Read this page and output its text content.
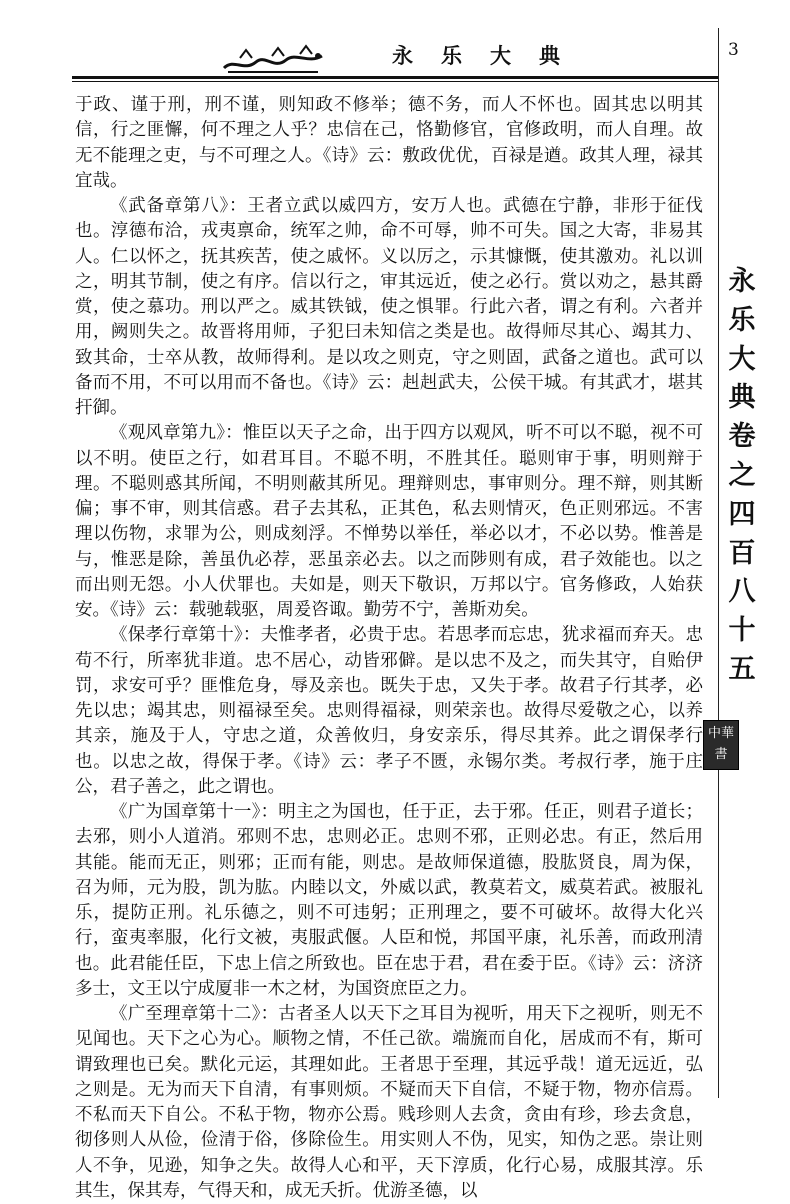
永乐大典	3
永乐大典卷之四百八十五
中華書

于政、谨于刑，刑不谨，则知政不修举；德不务，而人不怀也。固其忠以明其信，行之匪懈，何不理之人乎？忠信在己，恪勤修官，官修政明，而人自理。故无不能理之吏，与不可理之人。《诗》云：敷政优优，百禄是遒。政其人理，禄其宜哉。

《武备章第八》：王者立武以威四方，安万人也。武德在宁静，非形于征伐也。淳德布洽，戎夷禀命，统军之帅，命不可辱，帅不可失。国之大寄，非易其人。仁以怀之，抚其疾苦，使之戚怀。义以厉之，示其慷慨，使其激劝。礼以训之，明其节制，使之有序。信以行之，审其远近，使之必行。赏以劝之，悬其爵赏，使之慕功。刑以严之。威其铁钺，使之惧罪。行此六者，谓之有利。六者并用，阙则失之。故晋将用师，子犯曰未知信之类是也。故得师尽其心、竭其力、致其命，士卒从教，故师得利。是以攻之则克，守之则固，武备之道也。武可以备而不用，不可以用而不备也。《诗》云：赳赳武夫，公侯干城。有其武才，堪其扞御。

《观风章第九》：惟臣以天子之命，出于四方以观风，听不可以不聪，视不可以不明。使臣之行，如君耳目。不聪不明，不胜其任。聪则审于事，明则辩于理。不聪则惑其所闻，不明则蔽其所见。理辩则忠，事审则分。理不辩，则其断偏；事不审，则其信惑。君子去其私，正其色，私去则情灭，色正则邪远。不害理以伤物，求罪为公，则成刻浮。不惮势以举任，举必以才，不必以势。惟善是与，惟恶是除，善虽仇必荐，恶虽亲必去。以之而陟则有成，君子效能也。以之而出则无怨。小人伏罪也。夫如是，则天下敬识，万邦以宁。官务修政，人始获安。《诗》云：载驰载驱，周爰咨诹。勤劳不宁，善斯劝矣。

《保孝行章第十》：夫惟孝者，必贵于忠。若思孝而忘忠，犹求福而弃天。忠苟不行，所率犹非道。忠不居心，动皆邪僻。是以忠不及之，而失其守，自贻伊罚，求安可乎？匪惟危身，辱及亲也。既失于忠，又失于孝。故君子行其孝，必先以忠；竭其忠，则福禄至矣。忠则得福禄，则荣亲也。故得尽爱敬之心，以养其亲，施及于人，守忠之道，众善攸归，身安亲乐，得尽其养。此之谓保孝行也。以忠之故，得保于孝。《诗》云：孝子不匮，永锡尔类。考叔行孝，施于庄公，君子善之，此之谓也。

《广为国章第十一》：明主之为国也，任于正，去于邪。任正，则君子道长；去邪，则小人道消。邪则不忠，忠则必正。忠则不邪，正则必忠。有正，然后用其能。能而无正，则邪；正而有能，则忠。是故师保道德，股肱贤良，周为保，召为师，元为股，凯为肱。内睦以文，外威以武，教莫若文，威莫若武。被服礼乐，提防正刑。礼乐德之，则不可违躬；正刑理之，要不可破坏。故得大化兴行，蛮夷率服，化行文被，夷服武偃。人臣和悦，邦国平康，礼乐善，而政刑清也。此君能任臣，下忠上信之所致也。臣在忠于君，君在委于臣。《诗》云：济济多士，文王以宁成厦非一木之材，为国资庶臣之力。

《广至理章第十二》：古者圣人以天下之耳目为视听，用天下之视听，则无不见闻也。天下之心为心。顺物之情，不任己欲。端旒而自化，居成而不有，斯可谓致理也已矣。默化元运，其理如此。王者思于至理，其远乎哉！道无远近，弘之则是。无为而天下自清，有事则烦。不疑而天下自信，不疑于物，物亦信焉。不私而天下自公。不私于物，物亦公焉。贱珍则人去贪，贪由有珍，珍去贪息，彻侈则人从俭，俭清于俗，侈除俭生。用实则人不伪，见实，知伪之恶。崇让则人不争，见逊，知争之失。故得人心和平，天下淳质，化行心易，成服其淳。乐其生，保其寿，气得天和，成无夭折。优游圣德，以
